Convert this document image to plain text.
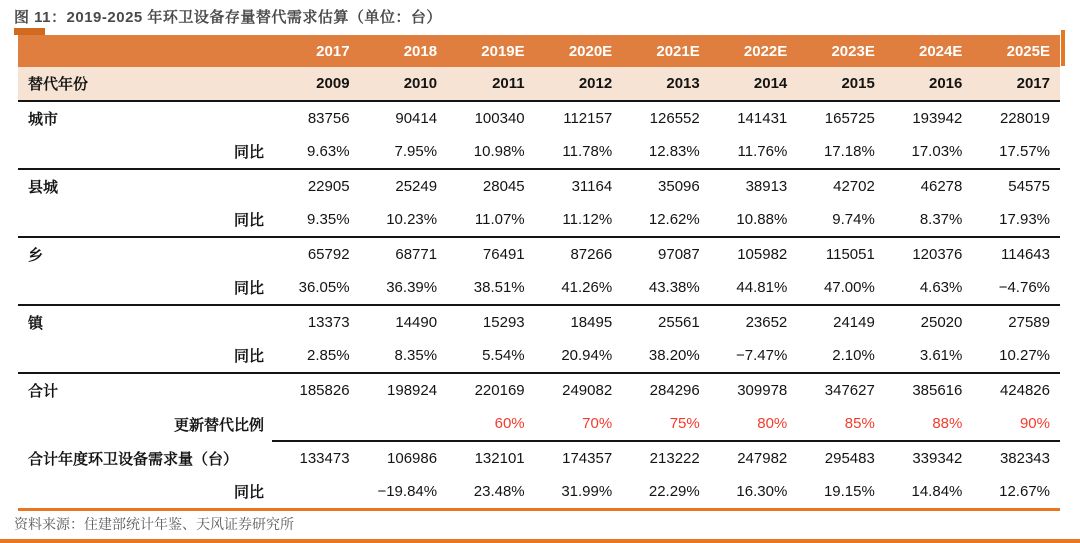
图 11：2019-2025 年环卫设备存量替代需求估算（单位：台）
	2017	2018	2019E	2020E	2021E	2022E	2023E	2024E	2025E
替代年份	2009	2010	2011	2012	2013	2014	2015	2016	2017
城市	83756	90414	100340	112157	126552	141431	165725	193942	228019
同比	9.63%	7.95%	10.98%	11.78%	12.83%	11.76%	17.18%	17.03%	17.57%
县城	22905	25249	28045	31164	35096	38913	42702	46278	54575
同比	9.35%	10.23%	11.07%	11.12%	12.62%	10.88%	9.74%	8.37%	17.93%
乡	65792	68771	76491	87266	97087	105982	115051	120376	114643
同比	36.05%	36.39%	38.51%	41.26%	43.38%	44.81%	47.00%	4.63%	−4.76%
镇	13373	14490	15293	18495	25561	23652	24149	25020	27589
同比	2.85%	8.35%	5.54%	20.94%	38.20%	−7.47%	2.10%	3.61%	10.27%
合计	185826	198924	220169	249082	284296	309978	347627	385616	424826
更新替代比例			60%	70%	75%	80%	85%	88%	90%
合计年度环卫设备需求量（台）	133473	106986	132101	174357	213222	247982	295483	339342	382343
同比		−19.84%	23.48%	31.99%	22.29%	16.30%	19.15%	14.84%	12.67%
资料来源：住建部统计年鉴、天风证券研究所
